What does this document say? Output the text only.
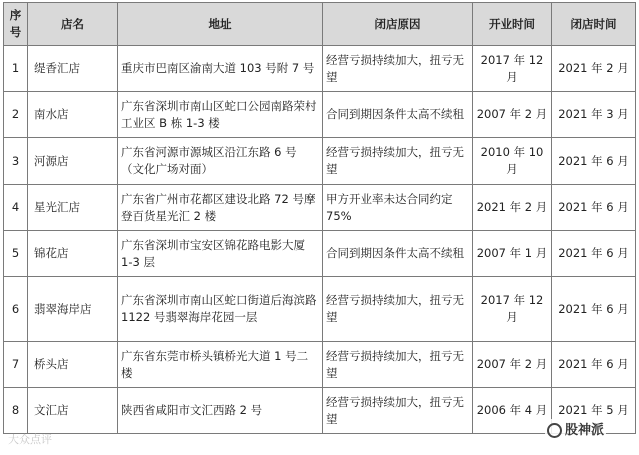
序号	店名	地址	闭店原因	开业时间	闭店时间
1	缇香汇店	重庆市巴南区渝南大道 103 号附 7 号	经营亏损持续加大，扭亏无望	2017 年 12 月	2021 年 2 月
2	南水店	广东省深圳市南山区蛇口公园南路荣村工业区 B 栋 1-3 楼	合同到期因条件太高不续租	2007 年 2 月	2021 年 3 月
3	河源店	广东省河源市源城区沿江东路 6 号（文化广场对面）	经营亏损持续加大，扭亏无望	2010 年 10 月	2021 年 6 月
4	星光汇店	广东省广州市花都区建设北路 72 号摩登百货星光汇 2 楼	甲方开业率未达合同约定 75%	2021 年 2 月	2021 年 6 月
5	锦花店	广东省深圳市宝安区锦花路电影大厦 1-3 层	合同到期因条件太高不续租	2007 年 1 月	2021 年 6 月
6	翡翠海岸店	广东省深圳市南山区蛇口街道后海滨路 1122 号翡翠海岸花园一层	经营亏损持续加大，扭亏无望	2017 年 12 月	2021 年 6 月
7	桥头店	广东省东莞市桥头镇桥光大道 1 号二楼	经营亏损持续加大，扭亏无望	2007 年 2 月	2021 年 6 月
8	文汇店	陕西省咸阳市文汇西路 2 号	经营亏损持续加大，扭亏无望	2006 年 4 月	2021 年 5 月
大众点评
股神派
